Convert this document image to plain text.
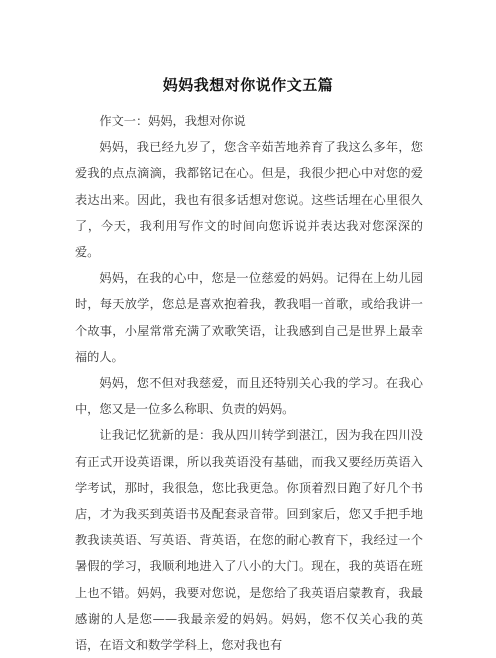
妈妈我想对你说作文五篇

作文一：妈妈，我想对你说

妈妈，我已经九岁了，您含辛茹苦地养育了我这么多年，您爱我的点点滴滴，我都铭记在心。但是，我很少把心中对您的爱表达出来。因此，我也有很多话想对您说。这些话埋在心里很久了，今天，我利用写作文的时间向您诉说并表达我对您深深的爱。

妈妈，在我的心中，您是一位慈爱的妈妈。记得在上幼儿园时，每天放学，您总是喜欢抱着我，教我唱一首歌，或给我讲一个故事，小屋常常充满了欢歌笑语，让我感到自己是世界上最幸福的人。

妈妈，您不但对我慈爱，而且还特别关心我的学习。在我心中，您又是一位多么称职、负责的妈妈。

让我记忆犹新的是：我从四川转学到湛江，因为我在四川没有正式开设英语课，所以我英语没有基础，而我又要经历英语入学考试，那时，我很急，您比我更急。你顶着烈日跑了好几个书店，才为我买到英语书及配套录音带。回到家后，您又手把手地教我读英语、写英语、背英语，在您的耐心教育下，我经过一个暑假的学习，我顺利地进入了八小的大门。现在，我的英语在班上也不错。妈妈，我要对您说，是您给了我英语启蒙教育，我最感谢的人是您——我最亲爱的妈妈。妈妈，您不仅关心我的英语，在语文和数学学科上，您对我也有
